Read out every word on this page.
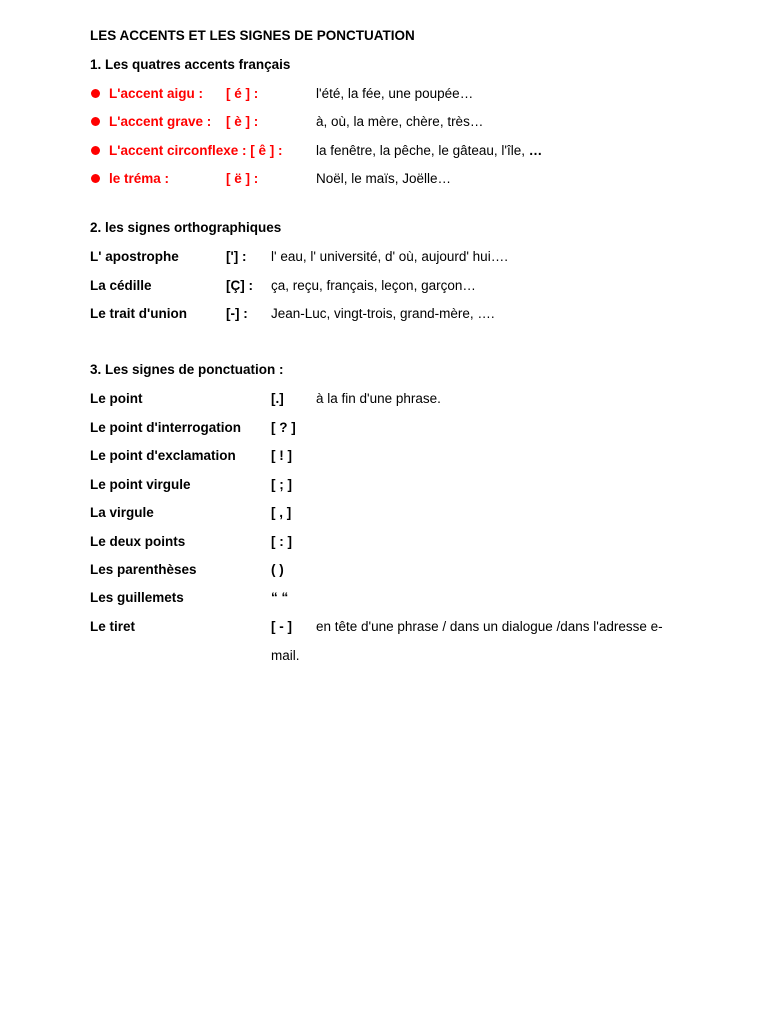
LES ACCENTS ET LES SIGNES DE PONCTUATION
1. Les quatres accents français
L'accent aigu : [ é ] :	l'été, la fée, une poupée…
L'accent grave : [ è ] :	à, où, la mère, chère, très…
L'accent circonflexe : [ ê ] : la fenêtre, la pêche, le gâteau, l'île, …
le tréma :	[ ë ] :	Noël, le maïs, Joëlle…
2. les signes orthographiques
L' apostrophe	['] : l' eau, l' université, d' où, aujourd' hui….
La cédille	[Ç] : ça, reçu, français, leçon, garçon…
Le trait d'union	[-] : Jean-Luc, vingt-trois, grand-mère, ….
3. Les signes de ponctuation :
Le point	[.] à la fin d'une phrase.
Le point d'interrogation [ ? ]
Le point d'exclamation	[ ! ]
Le point virgule	[ ; ]
La virgule	[ , ]
Le deux points	[ : ]
Les parenthèses	( )
Les guillemets	“ “
Le tiret	[ - ] en tête d'une phrase / dans un dialogue /dans l'adresse e-
mail.
